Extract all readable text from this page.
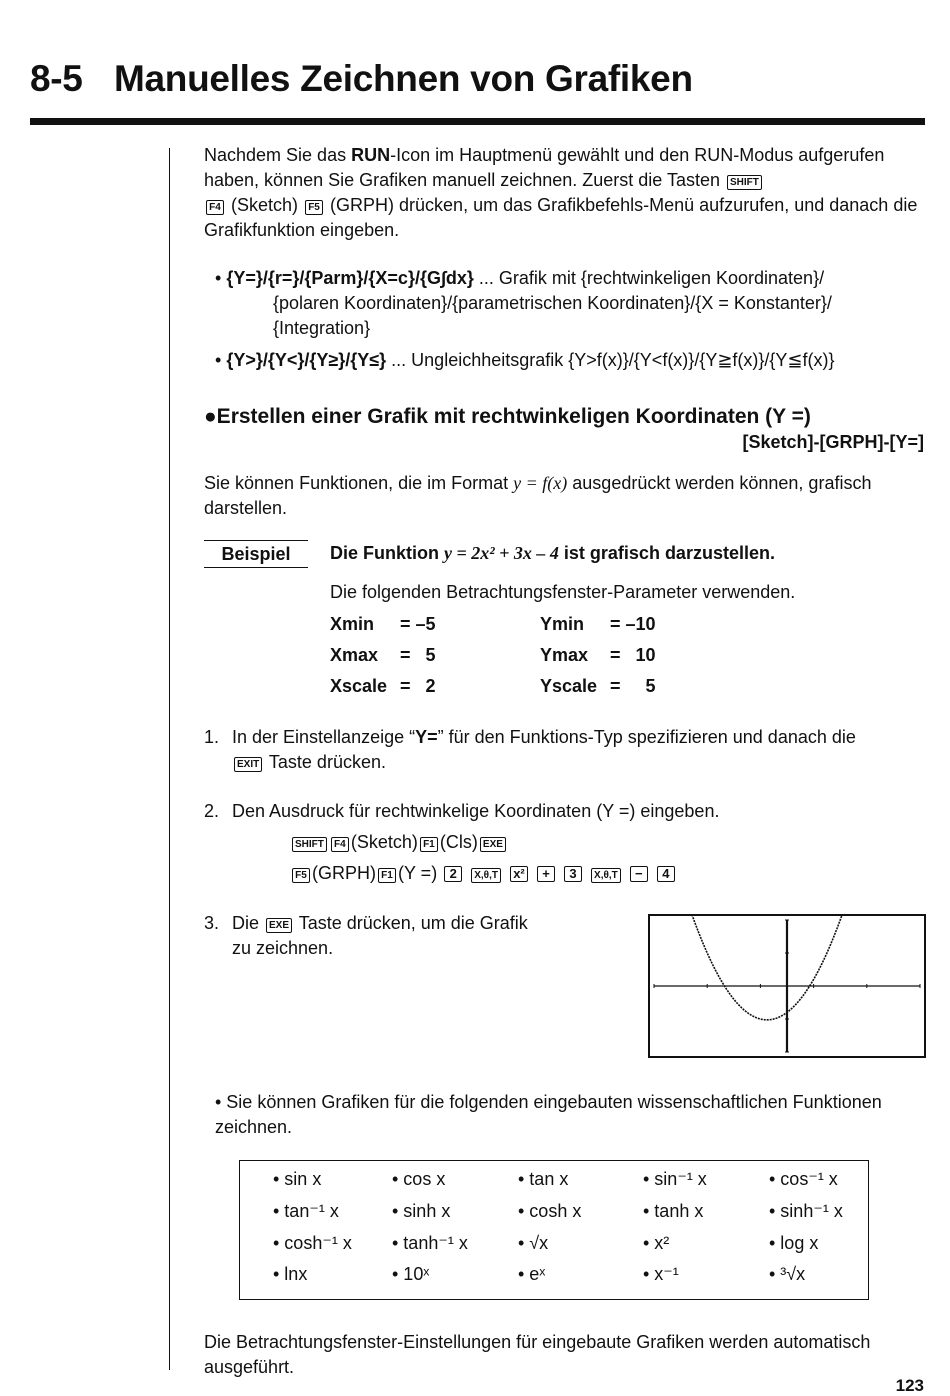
8-5 Manuelles Zeichnen von Grafiken
Nachdem Sie das RUN-Icon im Hauptmenü gewählt und den RUN-Modus aufgerufen haben, können Sie Grafiken manuell zeichnen. Zuerst die Tasten SHIFT
F4 (Sketch) F5 (GRPH) drücken, um das Grafikbefehls-Menü aufzurufen, und danach die Grafikfunktion eingeben.
• {Y=}/{r=}/{Parm}/{X=c}/{G∫dx} ... Grafik mit {rechtwinkeligen Koordinaten}/
{polaren Koordinaten}/{parametrischen Koordinaten}/{X = Konstanter}/
{Integration}
• {Y>}/{Y<}/{Y≥}/{Y≤} ... Ungleichheitsgrafik {Y>f(x)}/{Y<f(x)}/{Y≧f(x)}/{Y≦f(x)}
●Erstellen einer Grafik mit rechtwinkeligen Koordinaten (Y =)
[Sketch]-[GRPH]-[Y=]
Sie können Funktionen, die im Format y = f(x) ausgedrückt werden können, grafisch darstellen.
Beispiel	Die Funktion y = 2x² + 3x – 4 ist grafisch darzustellen.
Die folgenden Betrachtungsfenster-Parameter verwenden.
Xmin	= –5	Ymin	= –10
Xmax	=   5	Ymax	=   10
Xscale	=   2	Yscale	=     5
1. In der Einstellanzeige “Y=” für den Funktions-Typ spezifizieren und danach die
EXIT Taste drücken.
2. Den Ausdruck für rechtwinkelige Koordinaten (Y =) eingeben.
SHIFT F4 (Sketch) F1 (Cls) EXE
F5 (GRPH) F1 (Y =) 2 X,θ,T x² + 3 X,θ,T − 4
3. Die EXE Taste drücken, um die Grafik
zu zeichnen.
• Sie können Grafiken für die folgenden eingebauten wissenschaftlichen Funktionen zeichnen.
• sin x	• cos x	• tan x	• sin⁻¹ x	• cos⁻¹ x
• tan⁻¹ x	• sinh x	• cosh x	• tanh x	• sinh⁻¹ x
• cosh⁻¹ x • tanh⁻¹ x	• √x	• x²	• log x
• lnx	• 10ˣ	• eˣ	• x⁻¹	• ³√x
Die Betrachtungsfenster-Einstellungen für eingebaute Grafiken werden automatisch ausgeführt.
123
